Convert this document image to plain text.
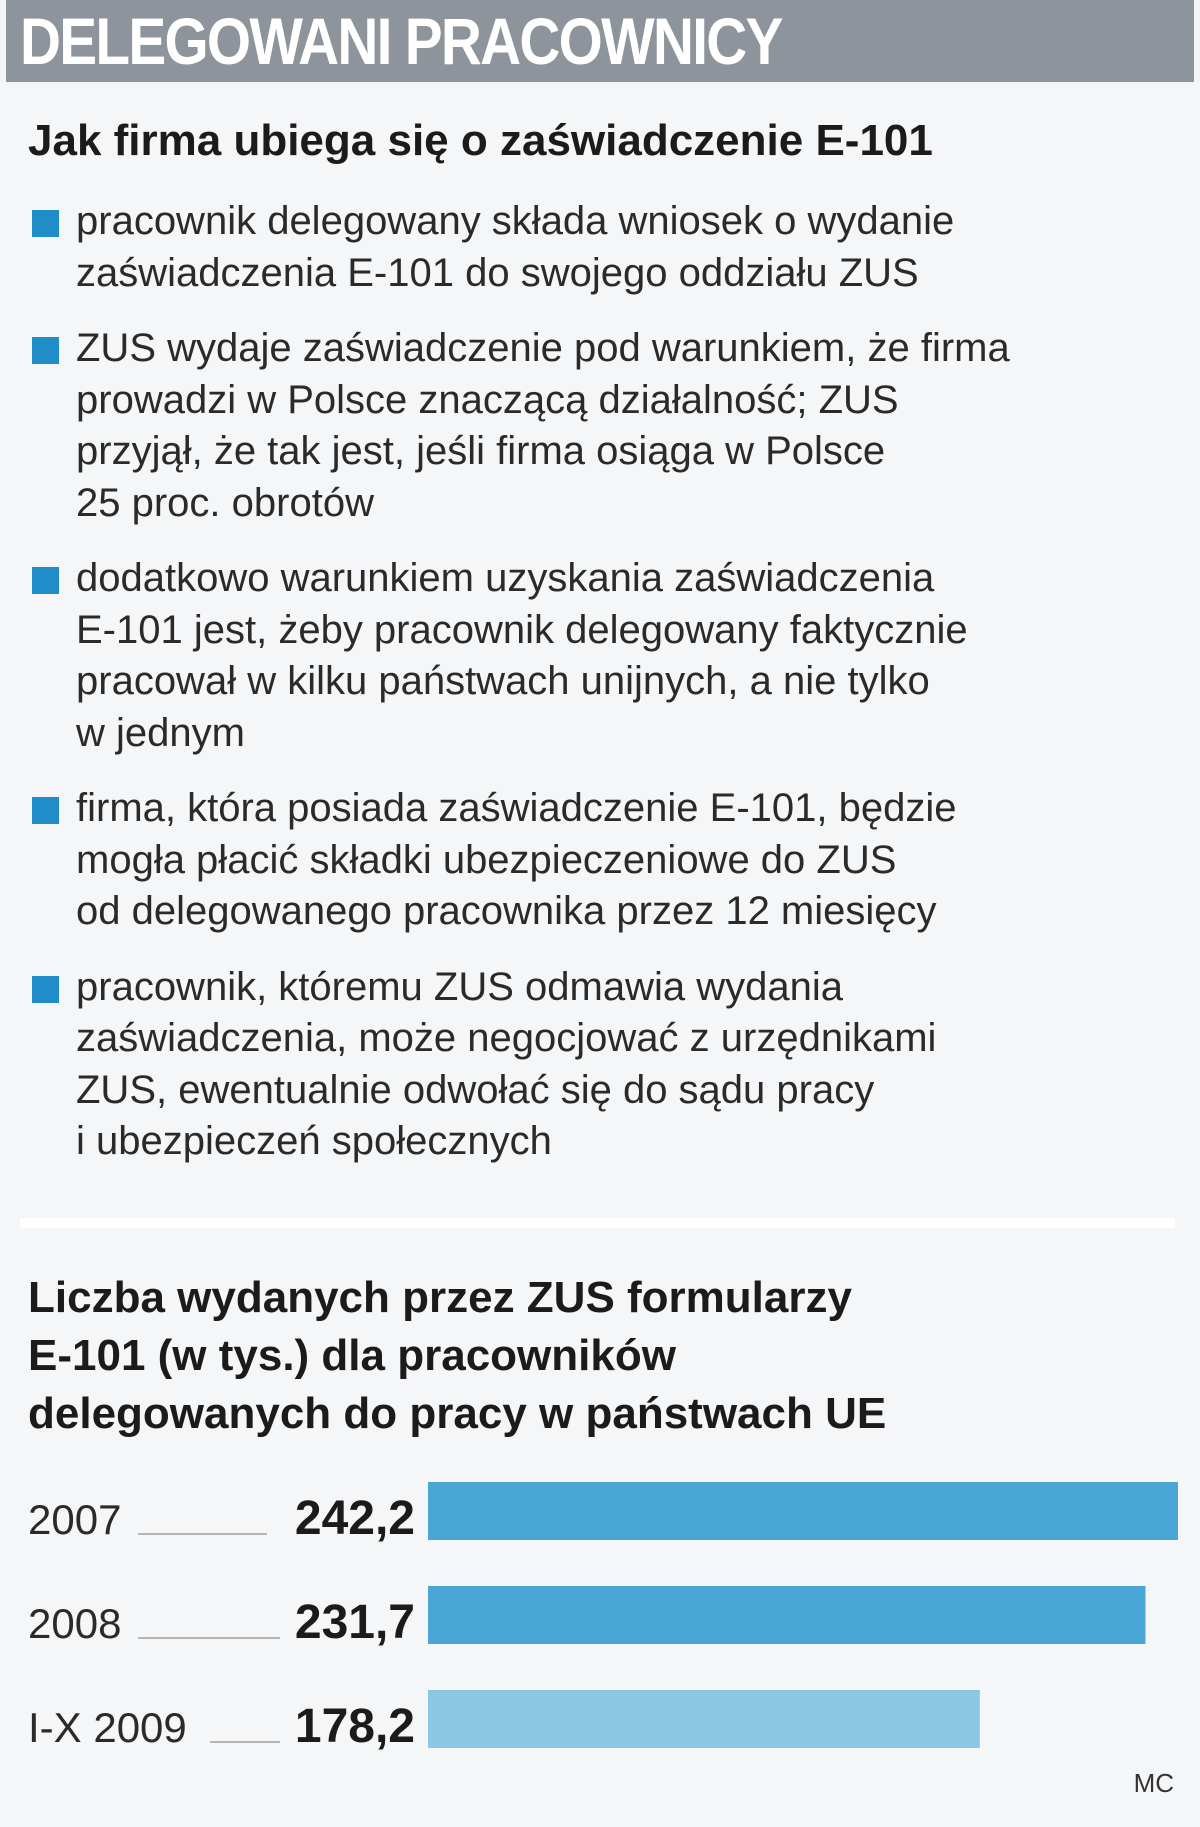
DELEGOWANI PRACOWNICY
Jak firma ubiega się o zaświadczenie E-101
pracownik delegowany składa wniosek o wydanie
zaświadczenia E-101 do swojego oddziału ZUS
ZUS wydaje zaświadczenie pod warunkiem, że firma
prowadzi w Polsce znaczącą działalność; ZUS
przyjął, że tak jest, jeśli firma osiąga w Polsce
25 proc. obrotów
dodatkowo warunkiem uzyskania zaświadczenia
E-101 jest, żeby pracownik delegowany faktycznie
pracował w kilku państwach unijnych, a nie tylko
w jednym
firma, która posiada zaświadczenie E-101, będzie
mogła płacić składki ubezpieczeniowe do ZUS
od delegowanego pracownika przez 12 miesięcy
pracownik, któremu ZUS odmawia wydania
zaświadczenia, może negocjować z urzędnikami
ZUS, ewentualnie odwołać się do sądu pracy
i ubezpieczeń społecznych
Liczba wydanych przez ZUS formularzy
E-101 (w tys.) dla pracowników
delegowanych do pracy w państwach UE
2007	242,2
2008	231,7
I-X 2009 178,2
MC
